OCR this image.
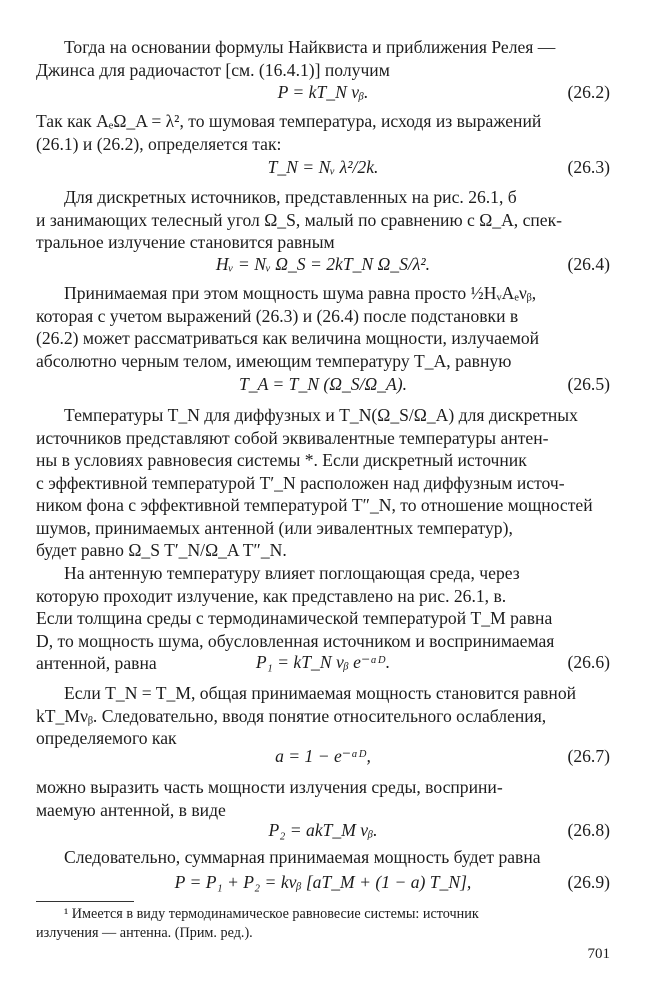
Тогда на основании формулы Найквиста и приближения Релея —
Джинса для радиочастот [см. (16.4.1)] получим
P = kT_N νᵦ.	(26.2)
Так как AₑΩ_A = λ², то шумовая температура, исходя из выражений
(26.1) и (26.2), определяется так:
T_N = Nᵥ λ²/2k.	(26.3)
Для дискретных источников, представленных на рис. 26.1, б
и занимающих телесный угол Ω_S, малый по сравнению с Ω_A, спек-
тральное излучение становится равным
Hᵥ = Nᵥ Ω_S = 2kT_N Ω_S/λ².	(26.4)
Принимаемая при этом мощность шума равна просто ½HᵥAₑνᵦ,
которая с учетом выражений (26.3) и (26.4) после подстановки в
(26.2) может рассматриваться как величина мощности, излучаемой
абсолютно черным телом, имеющим температуру T_A, равную
T_A = T_N (Ω_S/Ω_A).	(26.5)
Температуры T_N для диффузных и T_N(Ω_S/Ω_A) для дискретных
источников представляют собой эквивалентные температуры антен-
ны в условиях равновесия системы *. Если дискретный источник
с эффективной температурой T′_N расположен над диффузным источ-
ником фона с эффективной температурой T″_N, то отношение мощностей
шумов, принимаемых антенной (или эивалентных температур),
будет равно Ω_S T′_N/Ω_A T″_N.
На антенную температуру влияет поглощающая среда, через
которую проходит излучение, как представлено на рис. 26.1, в.
Если толщина среды с термодинамической температурой T_M равна
D, то мощность шума, обусловленная источником и воспринимаемая
антенной, равна	P₁ = kT_N νᵦ e⁻ᵅᴰ.	(26.6)
Если T_N = T_M, общая принимаемая мощность становится равной
kT_Mνᵦ. Следовательно, вводя понятие относительного ослабления,
определяемого как
a = 1 − e⁻ᵅᴰ,	(26.7)
можно выразить часть мощности излучения среды, восприни-
маемую антенной, в виде
P₂ = akT_M νᵦ.	(26.8)
Следовательно, суммарная принимаемая мощность будет равна
P = P₁ + P₂ = kνᵦ [aT_M + (1 − a) T_N],	(26.9)
¹ Имеется в виду термодинамическое равновесие системы: источник
излучения — антенна. (Прим. ред.).
701
